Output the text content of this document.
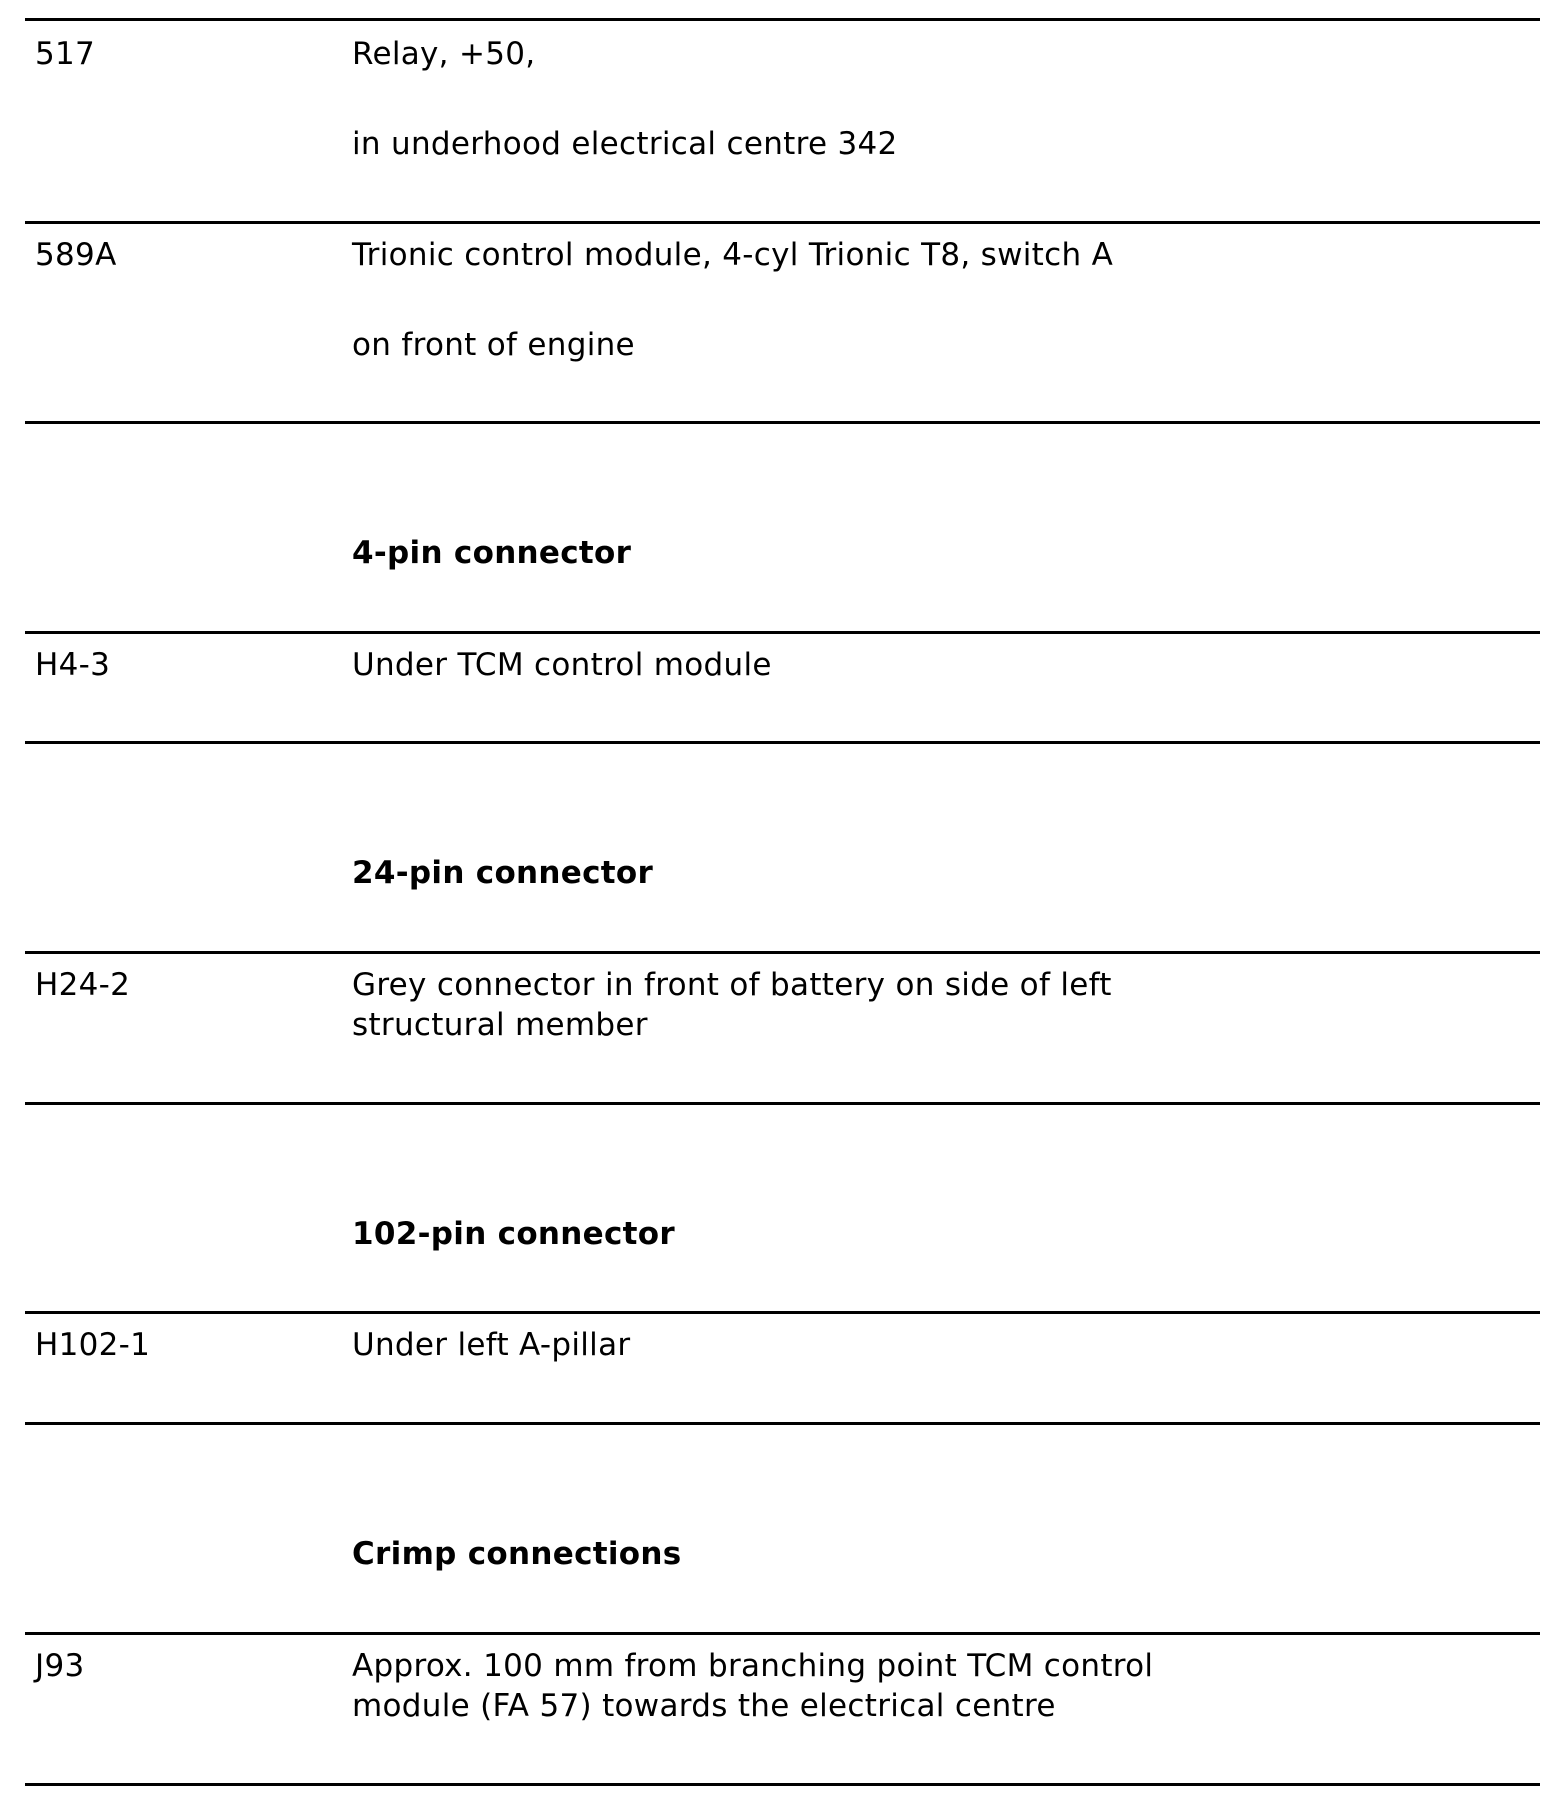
517	Relay, +50,
in underhood electrical centre 342
589A	Trionic control module, 4-cyl Trionic T8, switch A
on front of engine
4-pin connector
H4-3	Under TCM control module
24-pin connector
H24-2	Grey connector in front of battery on side of left
structural member
102-pin connector
H102-1	Under left A-pillar
Crimp connections
J93	Approx. 100 mm from branching point TCM control
module (FA 57) towards the electrical centre
